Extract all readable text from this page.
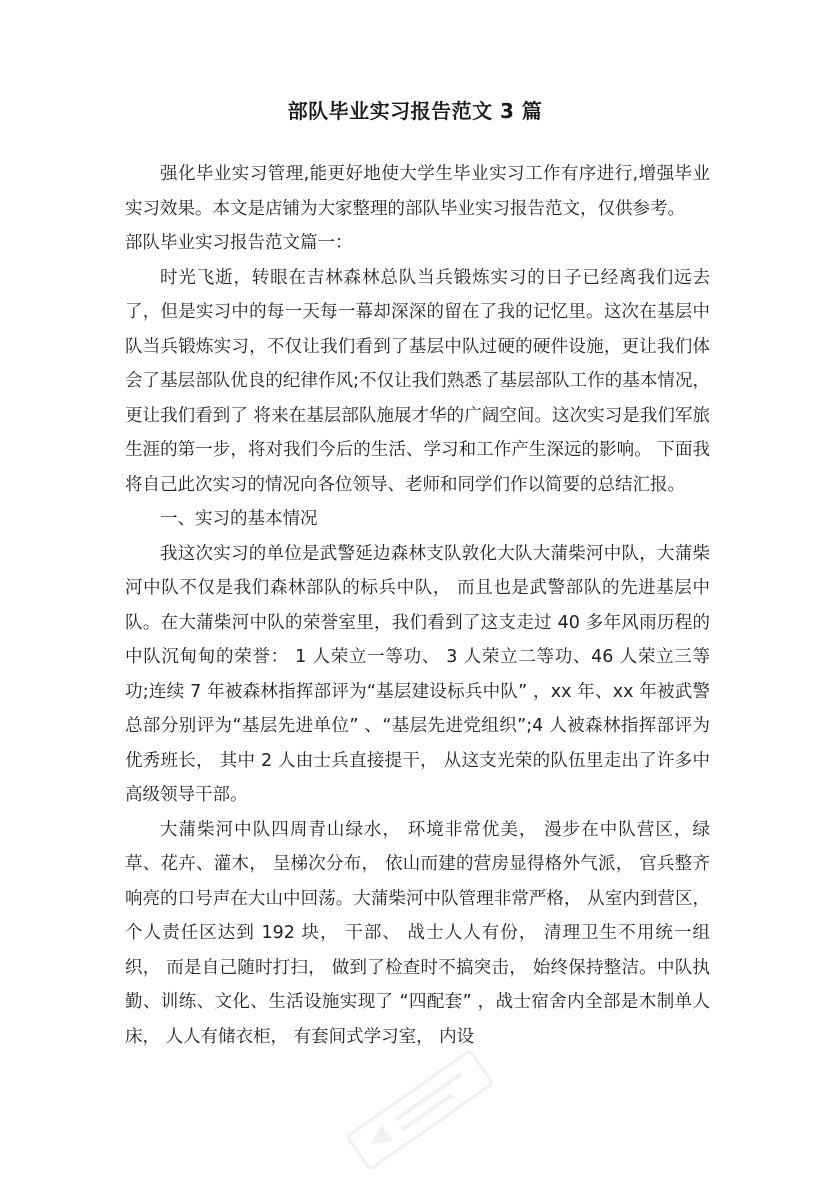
部队毕业实习报告范文 3 篇

强化毕业实习管理,能更好地使大学生毕业实习工作有序进行,增强毕业实习效果。本文是店铺为大家整理的部队毕业实习报告范文，仅供参考。

部队毕业实习报告范文篇一：

时光飞逝，转眼在吉林森林总队当兵锻炼实习的日子已经离我们远去了，但是实习中的每一天每一幕却深深的留在了我的记忆里。这次在基层中队当兵锻炼实习，不仅让我们看到了基层中队过硬的硬件设施，更让我们体会了基层部队优良的纪律作风;不仅让我们熟悉了基层部队工作的基本情况，更让我们看到了 将来在基层部队施展才华的广阔空间。这次实习是我们军旅生涯的第一步，将对我们今后的生活、学习和工作产生深远的影响。 下面我将自己此次实习的情况向各位领导、老师和同学们作以简要的总结汇报。

一、实习的基本情况

我这次实习的单位是武警延边森林支队敦化大队大蒲柴河中队，大蒲柴河中队不仅是我们森林部队的标兵中队， 而且也是武警部队的先进基层中队。在大蒲柴河中队的荣誉室里，我们看到了这支走过 40 多年风雨历程的中队沉甸甸的荣誉： 1 人荣立一等功、 3 人荣立二等功、46 人荣立三等功;连续 7 年被森林指挥部评为“基层建设标兵中队” ，xx 年、xx 年被武警总部分别评为“基层先进单位” 、“基层先进党组织”;4 人被森林指挥部评为优秀班长， 其中 2 人由士兵直接提干， 从这支光荣的队伍里走出了许多中高级领导干部。

大蒲柴河中队四周青山绿水， 环境非常优美， 漫步在中队营区，绿草、花卉、灌木， 呈梯次分布， 依山而建的营房显得格外气派， 官兵整齐响亮的口号声在大山中回荡。大蒲柴河中队管理非常严格， 从室内到营区， 个人责任区达到 192 块， 干部、 战士人人有份， 清理卫生不用统一组织， 而是自己随时打扫， 做到了检查时不搞突击， 始终保持整洁。中队执勤、训练、文化、生活设施实现了 “四配套” ，战士宿舍内全部是木制单人床， 人人有储衣柜， 有套间式学习室， 内设
